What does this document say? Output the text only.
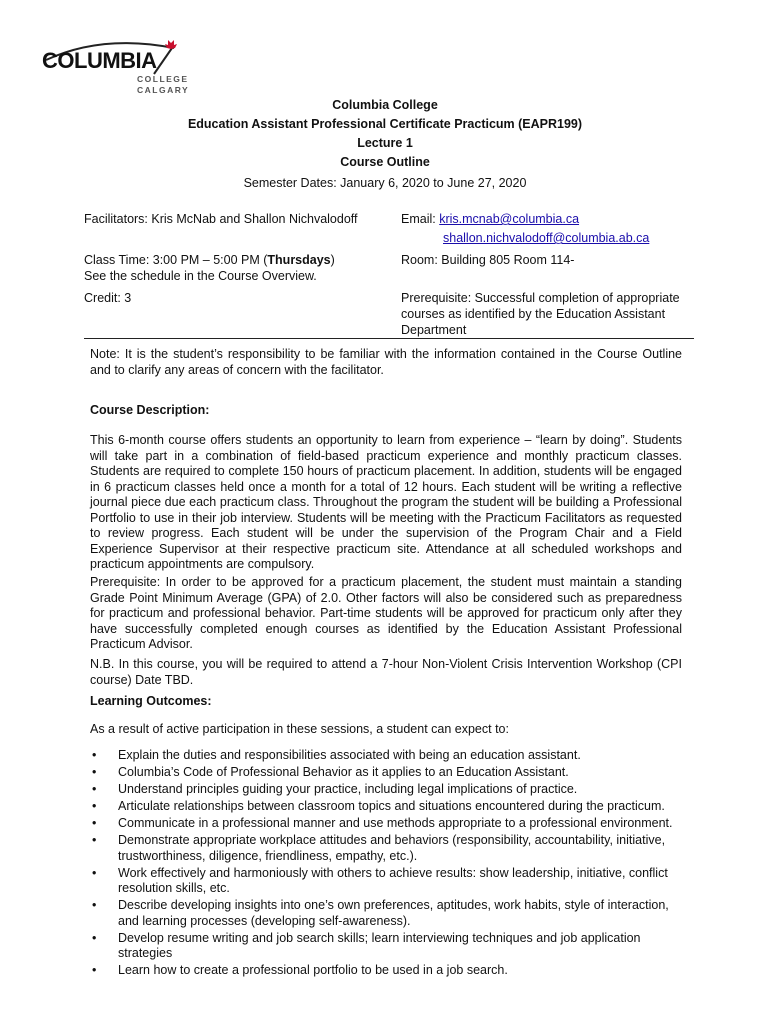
COLUMBIA
COLLEGE
CALGARY
Columbia College
Education Assistant Professional Certificate Practicum (EAPR199)
Lecture 1
Course Outline
Semester Dates: January 6, 2020 to June 27, 2020
Facilitators: Kris McNab and Shallon Nichvalodoff	Email: kris.mcnab@columbia.ca
shallon.nichvalodoff@columbia.ab.ca
Class Time: 3:00 PM – 5:00 PM (Thursdays)
See the schedule in the Course Overview.
Room: Building 805 Room 114-
Credit: 3	Prerequisite: Successful completion of appropriate courses as identified by the Education Assistant Department
Note: It is the student’s responsibility to be familiar with the information contained in the Course Outline and to clarify any areas of concern with the facilitator.
Course Description:
This 6-month course offers students an opportunity to learn from experience – “learn by doing”. Students will take part in a combination of field-based practicum experience and monthly practicum classes. Students are required to complete 150 hours of practicum placement. In addition, students will be engaged in 6 practicum classes held once a month for a total of 12 hours. Each student will be writing a reflective journal piece due each practicum class. Throughout the program the student will be building a Professional Portfolio to use in their job interview. Students will be meeting with the Practicum Facilitators as requested to review progress. Each student will be under the supervision of the Program Chair and a Field Experience Supervisor at their respective practicum site. Attendance at all scheduled workshops and practicum appointments are compulsory.
Prerequisite: In order to be approved for a practicum placement, the student must maintain a standing Grade Point Minimum Average (GPA) of 2.0. Other factors will also be considered such as preparedness for practicum and professional behavior. Part-time students will be approved for practicum only after they have successfully completed enough courses as identified by the Education Assistant Professional Practicum Advisor.
N.B. In this course, you will be required to attend a 7-hour Non-Violent Crisis Intervention Workshop (CPI course) Date TBD.
Learning Outcomes:
As a result of active participation in these sessions, a student can expect to:
• Explain the duties and responsibilities associated with being an education assistant.
• Columbia’s Code of Professional Behavior as it applies to an Education Assistant.
• Understand principles guiding your practice, including legal implications of practice.
• Articulate relationships between classroom topics and situations encountered during the practicum.
• Communicate in a professional manner and use methods appropriate to a professional environment.
• Demonstrate appropriate workplace attitudes and behaviors (responsibility, accountability, initiative, trustworthiness, diligence, friendliness, empathy, etc.).
• Work effectively and harmoniously with others to achieve results: show leadership, initiative, conflict resolution skills, etc.
• Describe developing insights into one’s own preferences, aptitudes, work habits, style of interaction, and learning processes (developing self-awareness).
• Develop resume writing and job search skills; learn interviewing techniques and job application strategies
• Learn how to create a professional portfolio to be used in a job search.
